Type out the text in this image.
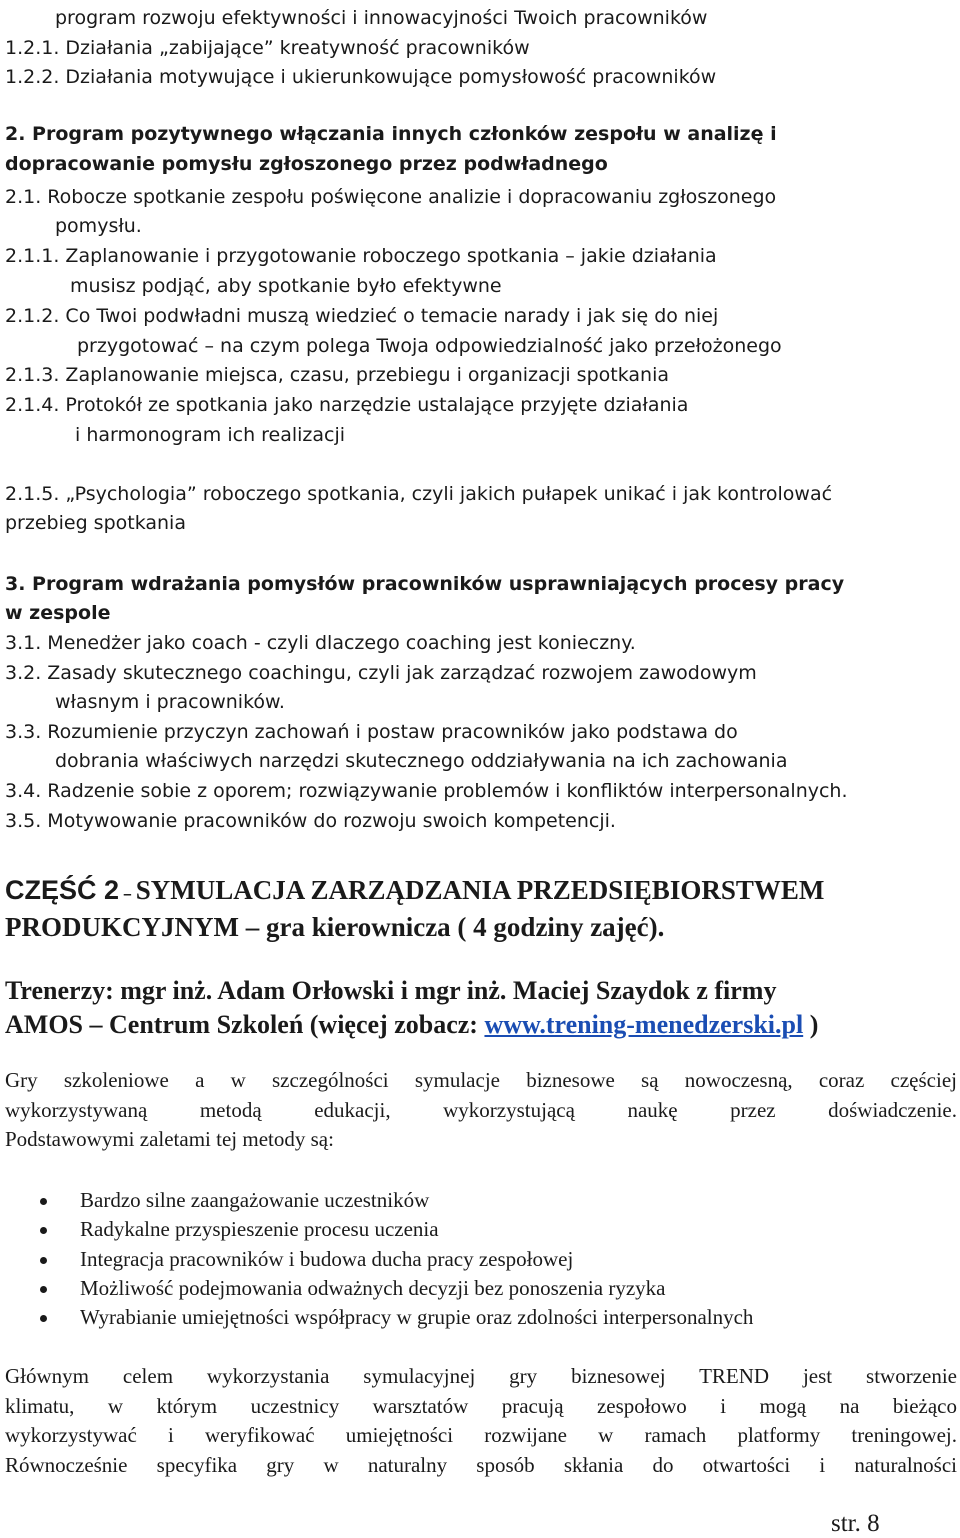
program rozwoju efektywności i innowacyjności Twoich pracowników
1.2.1. Działania „zabijające” kreatywność pracowników
1.2.2. Działania motywujące i ukierunkowujące pomysłowość pracowników
2. Program pozytywnego włączania innych członków zespołu w analizę i
dopracowanie pomysłu zgłoszonego przez podwładnego
2.1. Robocze spotkanie zespołu poświęcone analizie i dopracowaniu zgłoszonego
pomysłu.
2.1.1. Zaplanowanie i przygotowanie roboczego spotkania – jakie działania
musisz podjąć, aby spotkanie było efektywne
2.1.2. Co Twoi podwładni muszą wiedzieć o temacie narady i jak się do niej
przygotować – na czym polega Twoja odpowiedzialność jako przełożonego
2.1.3. Zaplanowanie miejsca, czasu, przebiegu i organizacji spotkania
2.1.4. Protokół ze spotkania jako narzędzie ustalające przyjęte działania
i harmonogram ich realizacji
2.1.5. „Psychologia” roboczego spotkania, czyli jakich pułapek unikać i jak kontrolować
przebieg spotkania
3. Program wdrażania pomysłów pracowników usprawniających procesy pracy
w zespole
3.1. Menedżer jako coach - czyli dlaczego coaching jest konieczny.
3.2. Zasady skutecznego coachingu, czyli jak zarządzać rozwojem zawodowym
własnym i pracowników.
3.3. Rozumienie przyczyn zachowań i postaw pracowników jako podstawa do
dobrania właściwych narzędzi skutecznego oddziaływania na ich zachowania
3.4. Radzenie sobie z oporem; rozwiązywanie problemów i konfliktów interpersonalnych.
3.5. Motywowanie pracowników do rozwoju swoich kompetencji.
CZĘŚĆ 2 – SYMULACJA ZARZĄDZANIA PRZEDSIĘBIORSTWEM
PRODUKCYJNYM – gra kierownicza ( 4 godziny zajęć).
Trenerzy: mgr inż. Adam Orłowski i mgr inż. Maciej Szaydok z firmy
AMOS – Centrum Szkoleń (więcej zobacz: www.trening-menedzerski.pl )
Gry szkoleniowe a w szczególności symulacje biznesowe są nowoczesną, coraz częściej
wykorzystywaną metodą edukacji, wykorzystującą naukę przez doświadczenie.
Podstawowymi zaletami tej metody są:
Bardzo silne zaangażowanie uczestników
Radykalne przyspieszenie procesu uczenia
Integracja pracowników i budowa ducha pracy zespołowej
Możliwość podejmowania odważnych decyzji bez ponoszenia ryzyka
Wyrabianie umiejętności współpracy w grupie oraz zdolności interpersonalnych
Głównym celem wykorzystania symulacyjnej gry biznesowej TREND jest stworzenie
klimatu, w którym uczestnicy warsztatów pracują zespołowo i mogą na bieżąco
wykorzystywać i weryfikować umiejętności rozwijane w ramach platformy treningowej.
Równocześnie specyfika gry w naturalny sposób skłania do otwartości i naturalności
str. 8
